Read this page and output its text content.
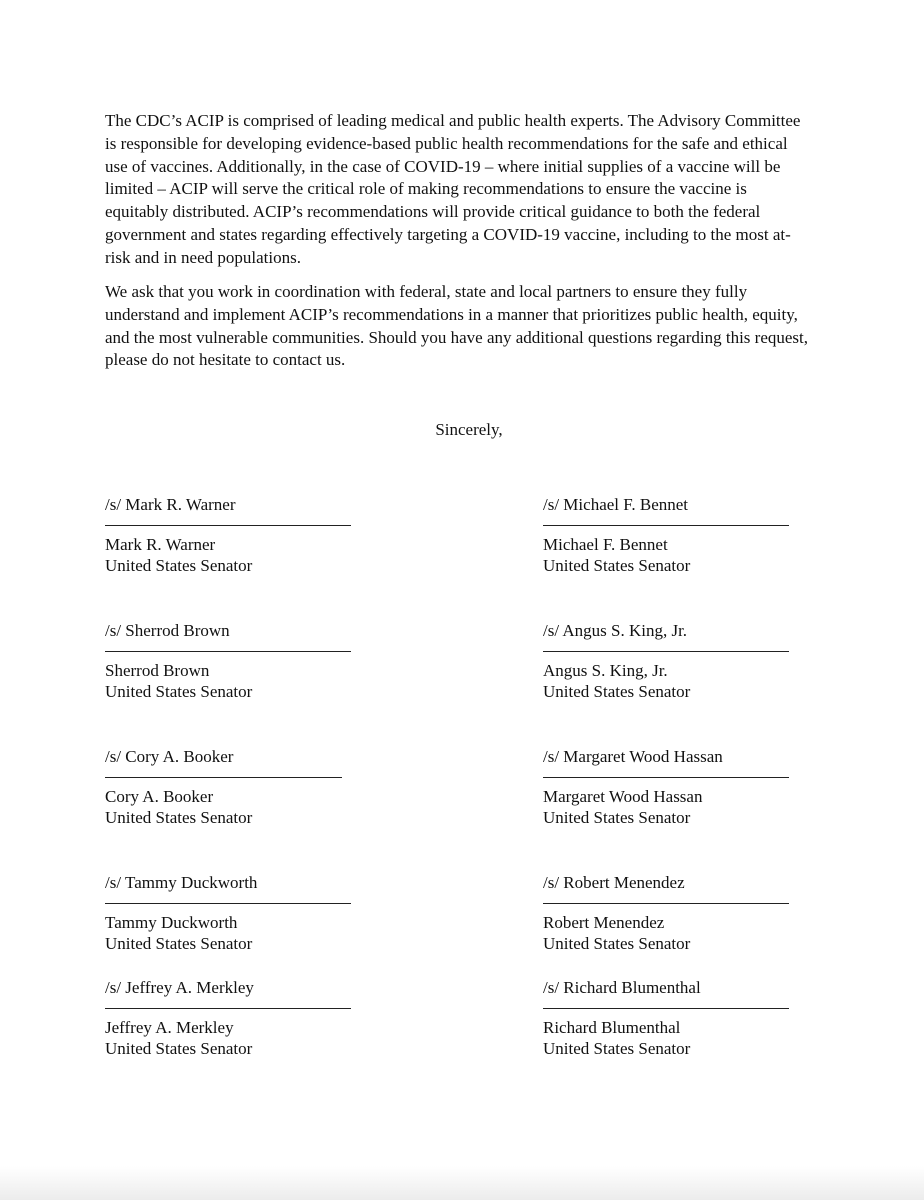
The CDC’s ACIP is comprised of leading medical and public health experts. The Advisory Committee is responsible for developing evidence-based public health recommendations for the safe and ethical use of vaccines. Additionally, in the case of COVID-19 – where initial supplies of a vaccine will be limited – ACIP will serve the critical role of making recommendations to ensure the vaccine is equitably distributed. ACIP’s recommendations will provide critical guidance to both the federal government and states regarding effectively targeting a COVID-19 vaccine, including to the most at-risk and in need populations.

We ask that you work in coordination with federal, state and local partners to ensure they fully understand and implement ACIP’s recommendations in a manner that prioritizes public health, equity, and the most vulnerable communities. Should you have any additional questions regarding this request, please do not hesitate to contact us.

Sincerely,
/s/ Mark R. Warner
Mark R. Warner
United States Senator
/s/ Michael F. Bennet
Michael F. Bennet
United States Senator
/s/ Sherrod Brown
Sherrod Brown
United States Senator
/s/ Angus S. King, Jr.
Angus S. King, Jr.
United States Senator
/s/ Cory A. Booker
Cory A. Booker
United States Senator
/s/ Margaret Wood Hassan
Margaret Wood Hassan
United States Senator
/s/ Tammy Duckworth
Tammy Duckworth
United States Senator
/s/ Robert Menendez
Robert Menendez
United States Senator
/s/ Jeffrey A. Merkley
Jeffrey A. Merkley
United States Senator
/s/ Richard Blumenthal
Richard Blumenthal
United States Senator
